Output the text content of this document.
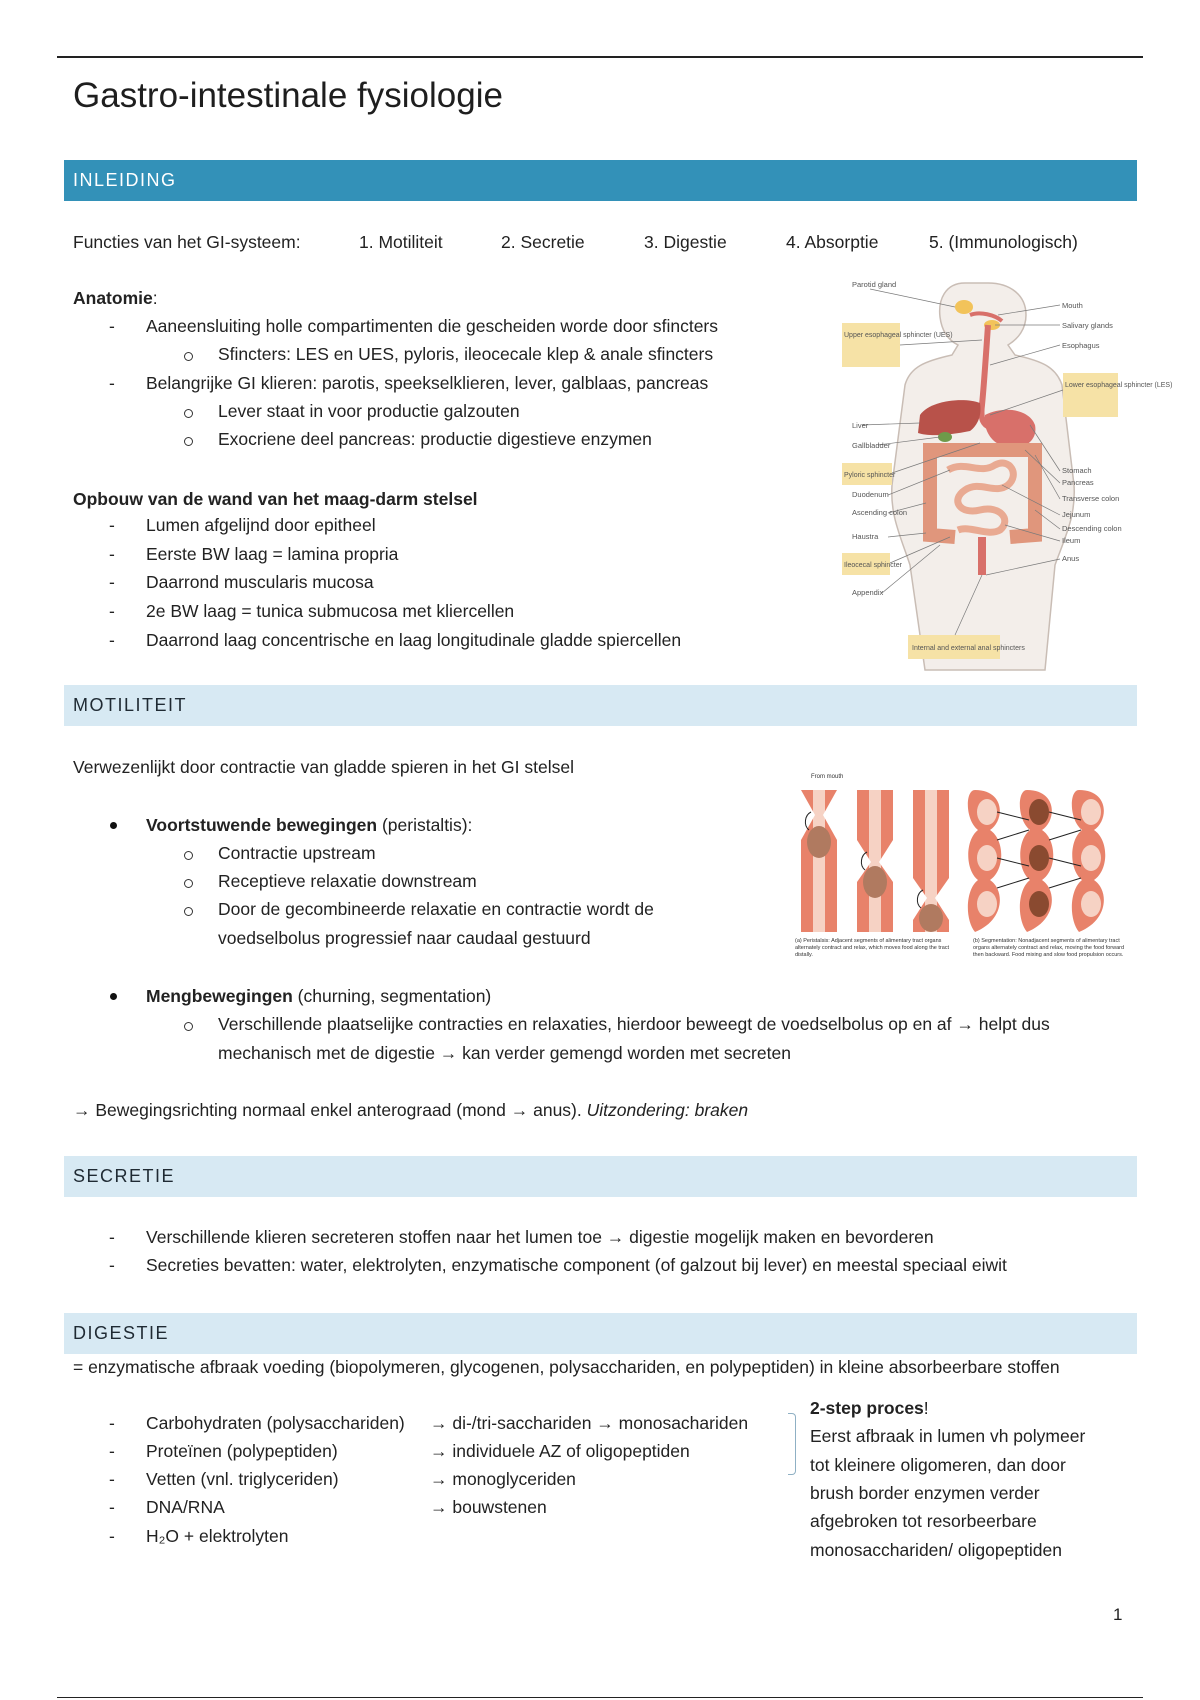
Gastro-intestinale fysiologie
INLEIDING
Functies van het GI-systeem:	1. Motiliteit	2. Secretie	3. Digestie	4. Absorptie	5. (Immunologisch)
Anatomie:
- Aaneensluiting holle compartimenten die gescheiden worde door sfincters
Sfincters: LES en UES, pyloris, ileocecale klep & anale sfincters
- Belangrijke GI klieren: parotis, speekselklieren, lever, galblaas, pancreas
Lever staat in voor productie galzouten
Exocriene deel pancreas: productie digestieve enzymen
Opbouw van de wand van het maag-darm stelsel
- Lumen afgelijnd door epitheel
- Eerste BW laag = lamina propria
- Daarrond muscularis mucosa
- 2e BW laag = tunica submucosa met kliercellen
- Daarrond laag concentrische en laag longitudinale gladde spiercellen
Parotid gland
Upper esophageal sphincter (UES)
Liver
Gallbladder
Pyloric sphincter
Duodenum
Ascending colon
Haustra
Ileocecal sphincter
Appendix
Mouth
Salivary glands
Esophagus
Lower esophageal sphincter (LES)
Stomach
Pancreas
Transverse colon
Jejunum
Descending colon
Ileum
Anus
Internal and external anal sphincters
MOTILITEIT
Verwezenlijkt door contractie van gladde spieren in het GI stelsel
Voortstuwende bewegingen (peristaltis):
Contractie upstream
Receptieve relaxatie downstream
Door de gecombineerde relaxatie en contractie wordt de
voedselbolus progressief naar caudaal gestuurd
Mengbewegingen (churning, segmentation)
Verschillende plaatselijke contracties en relaxaties, hierdoor beweegt de voedselbolus op en af → helpt dus
mechanisch met de digestie → kan verder gemengd worden met secreten
→ Bewegingsrichting normaal enkel anterograad (mond → anus). Uitzondering: braken
From mouth
(a) Peristalsis: Adjacent segments of alimentary tract organs alternately contract and relax, which moves food along the tract distally.
(b) Segmentation: Nonadjacent segments of alimentary tract organs alternately contract and relax, moving the food forward then backward. Food mixing and slow food propulsion occurs.
SECRETIE
- Verschillende klieren secreteren stoffen naar het lumen toe → digestie mogelijk maken en bevorderen
- Secreties bevatten: water, elektrolyten, enzymatische component (of galzout bij lever) en meestal speciaal eiwit
DIGESTIE
= enzymatische afbraak voeding (biopolymeren, glycogenen, polysacchariden, en polypeptiden) in kleine absorbeerbare stoffen
- Carbohydraten (polysacchariden) → di-/tri-sacchariden → monosachariden
- Proteïnen (polypeptiden)	→ individuele AZ of oligopeptiden
- Vetten (vnl. triglyceriden)	→ monoglyceriden
- DNA/RNA	→ bouwstenen
- H₂O + elektrolyten
2-step proces!
Eerst afbraak in lumen vh polymeer
tot kleinere oligomeren, dan door
brush border enzymen verder
afgebroken tot resorbeerbare
monosacchariden/ oligopeptiden
1
